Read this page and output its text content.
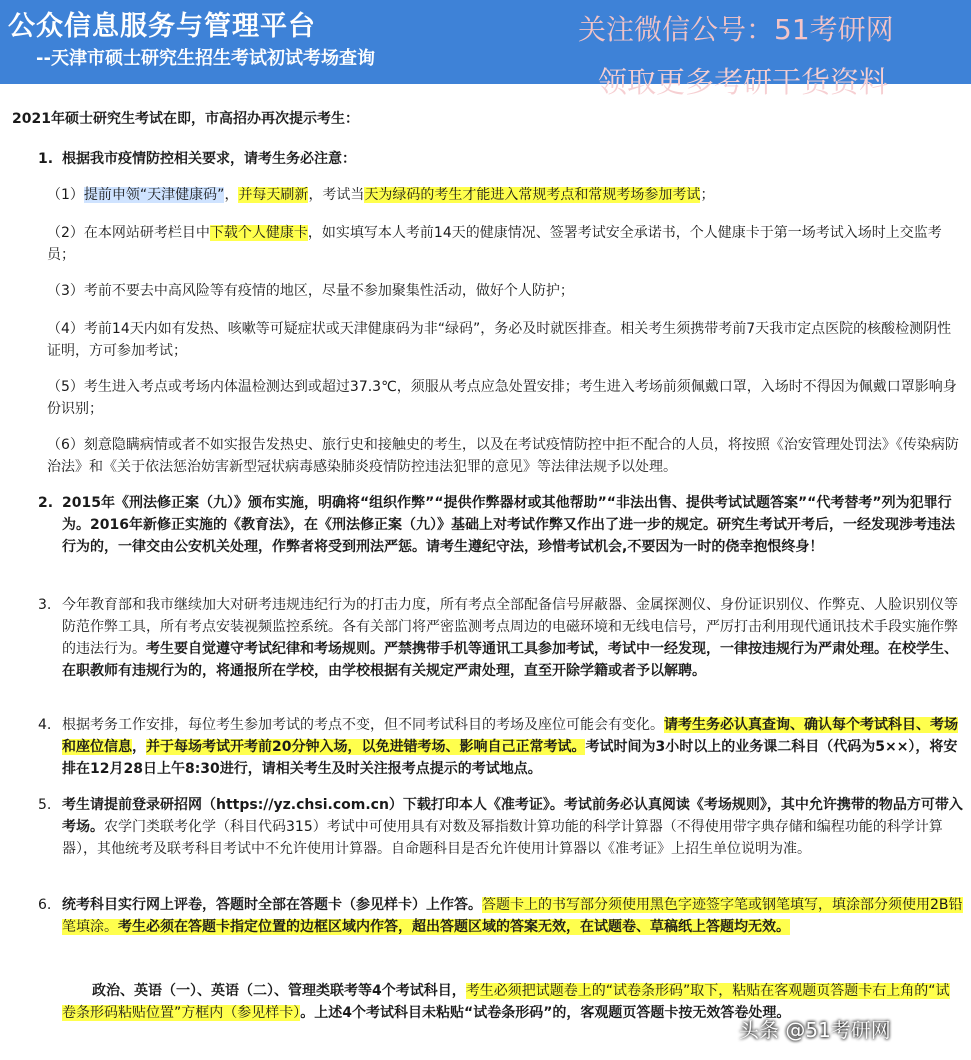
公众信息服务与管理平台
--天津市硕士研究生招生考试初试考场查询
关注微信公号：51考研网
领取更多考研干货资料

2021年硕士研究生考试在即，市高招办再次提示考生：

1. 根据我市疫情防控相关要求，请考生务必注意：

（1）提前申领“天津健康码”，并每天刷新，考试当天为绿码的考生才能进入常规考点和常规考场参加考试；

（2）在本网站研考栏目中下载个人健康卡，如实填写本人考前14天的健康情况、签署考试安全承诺书，个人健康卡于第一场考试入场时上交监考员；

（3）考前不要去中高风险等有疫情的地区，尽量不参加聚集性活动，做好个人防护；

（4）考前14天内如有发热、咳嗽等可疑症状或天津健康码为非“绿码”，务必及时就医排查。相关考生须携带考前7天我市定点医院的核酸检测阴性证明，方可参加考试；

（5）考生进入考点或考场内体温检测达到或超过37.3℃，须服从考点应急处置安排；考生进入考场前须佩戴口罩，入场时不得因为佩戴口罩影响身份识别；

（6）刻意隐瞒病情或者不如实报告发热史、旅行史和接触史的考生，以及在考试疫情防控中拒不配合的人员，将按照《治安管理处罚法》《传染病防治法》和《关于依法惩治妨害新型冠状病毒感染肺炎疫情防控违法犯罪的意见》等法律法规予以处理。

2. 2015年《刑法修正案（九）》颁布实施，明确将“组织作弊”“提供作弊器材或其他帮助”“非法出售、提供考试试题答案”“代考替考”列为犯罪行为。2016年新修正实施的《教育法》，在《刑法修正案（九）》基础上对考试作弊又作出了进一步的规定。研究生考试开考后，一经发现涉考违法行为的，一律交由公安机关处理，作弊者将受到刑法严惩。请考生遵纪守法，珍惜考试机会,不要因为一时的侥幸抱恨终身！

3. 今年教育部和我市继续加大对研考违规违纪行为的打击力度，所有考点全部配备信号屏蔽器、金属探测仪、身份证识别仪、作弊克、人脸识别仪等防范作弊工具，所有考点安装视频监控系统。各有关部门将严密监测考点周边的电磁环境和无线电信号，严厉打击利用现代通讯技术手段实施作弊的违法行为。考生要自觉遵守考试纪律和考场规则。严禁携带手机等通讯工具参加考试，考试中一经发现，一律按违规行为严肃处理。在校学生、在职教师有违规行为的，将通报所在学校，由学校根据有关规定严肃处理，直至开除学籍或者予以解聘。

4. 根据考务工作安排，每位考生参加考试的考点不变，但不同考试科目的考场及座位可能会有变化。请考生务必认真查询、确认每个考试科目、考场和座位信息，并于每场考试开考前20分钟入场，以免进错考场、影响自己正常考试。考试时间为3小时以上的业务课二科目（代码为5××），将安排在12月28日上午8:30进行，请相关考生及时关注报考点提示的考试地点。

5. 考生请提前登录研招网（https://yz.chsi.com.cn）下载打印本人《准考证》。考试前务必认真阅读《考场规则》，其中允许携带的物品方可带入考场。农学门类联考化学（科目代码315）考试中可使用具有对数及幂指数计算功能的科学计算器（不得使用带字典存储和编程功能的科学计算器），其他统考及联考科目考试中不允许使用计算器。自命题科目是否允许使用计算器以《准考证》上招生单位说明为准。

6. 统考科目实行网上评卷，答题时全部在答题卡（参见样卡）上作答。答题卡上的书写部分须使用黑色字迹签字笔或钢笔填写，填涂部分须使用2B铅笔填涂。考生必须在答题卡指定位置的边框区域内作答，超出答题区域的答案无效，在试题卷、草稿纸上答题均无效。

政治、英语（一）、英语（二）、管理类联考等4个考试科目，考生必须把试题卷上的“试卷条形码”取下，粘贴在客观题页答题卡右上角的“试卷条形码粘贴位置”方框内（参见样卡）。上述4个考试科目未粘贴“试卷条形码”的，客观题页答题卡按无效答卷处理。

头条 @51考研网
